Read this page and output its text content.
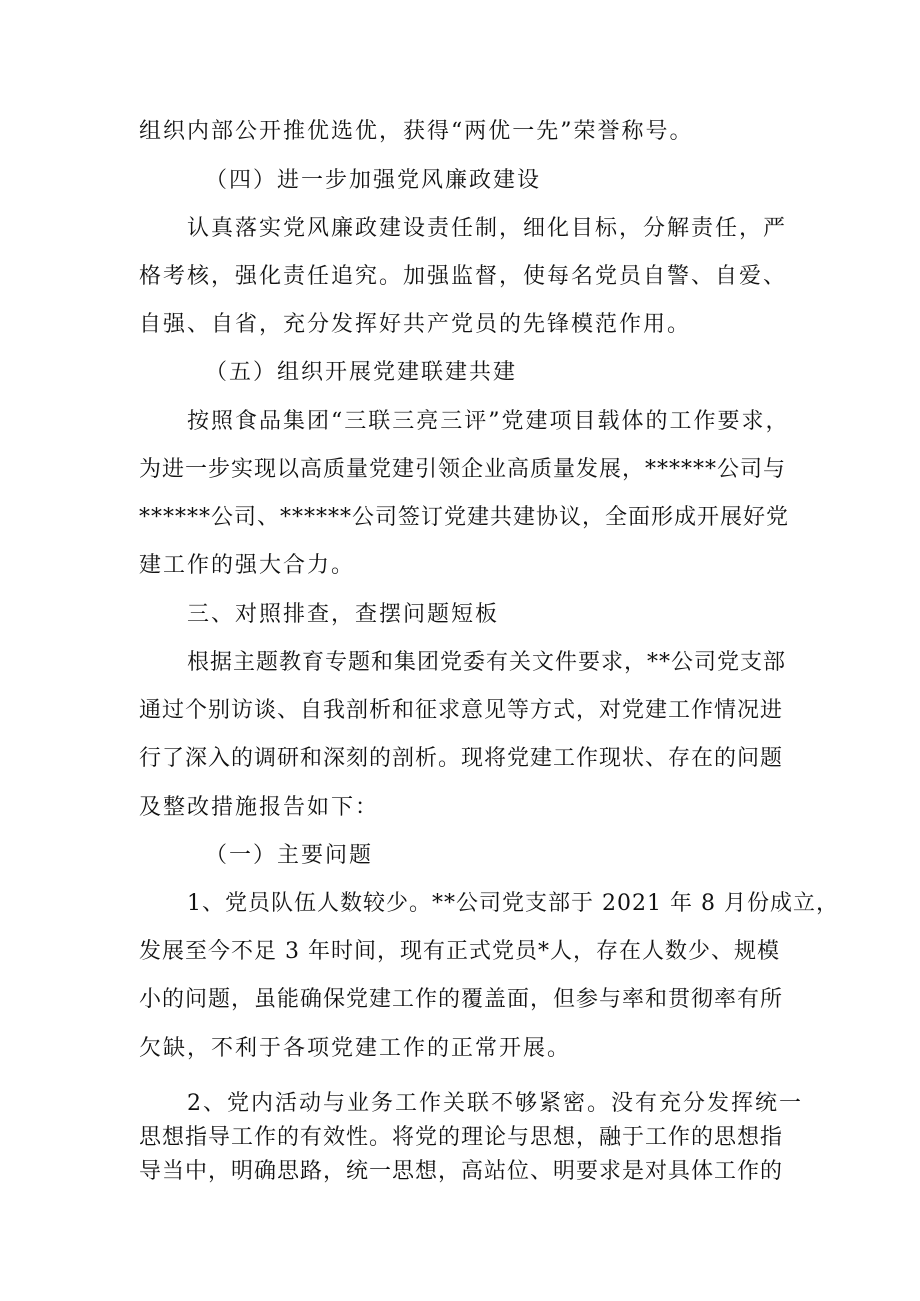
组织内部公开推优选优，获得“两优一先”荣誉称号。
（四）进一步加强党风廉政建设
认真落实党风廉政建设责任制，细化目标，分解责任，严
格考核，强化责任追究。加强监督，使每名党员自警、自爱、
自强、自省，充分发挥好共产党员的先锋模范作用。
（五）组织开展党建联建共建
按照食品集团“三联三亮三评”党建项目载体的工作要求，
为进一步实现以高质量党建引领企业高质量发展，******公司与
******公司、******公司签订党建共建协议，全面形成开展好党
建工作的强大合力。
三、对照排查，查摆问题短板
根据主题教育专题和集团党委有关文件要求，**公司党支部
通过个别访谈、自我剖析和征求意见等方式，对党建工作情况进
行了深入的调研和深刻的剖析。现将党建工作现状、存在的问题
及整改措施报告如下：
（一）主要问题
1、党员队伍人数较少。**公司党支部于 2021 年 8 月份成立，
发展至今不足 3 年时间，现有正式党员*人，存在人数少、规模
小的问题，虽能确保党建工作的覆盖面，但参与率和贯彻率有所
欠缺，不利于各项党建工作的正常开展。
2、党内活动与业务工作关联不够紧密。没有充分发挥统一
思想指导工作的有效性。将党的理论与思想，融于工作的思想指
导当中，明确思路，统一思想，高站位、明要求是对具体工作的
